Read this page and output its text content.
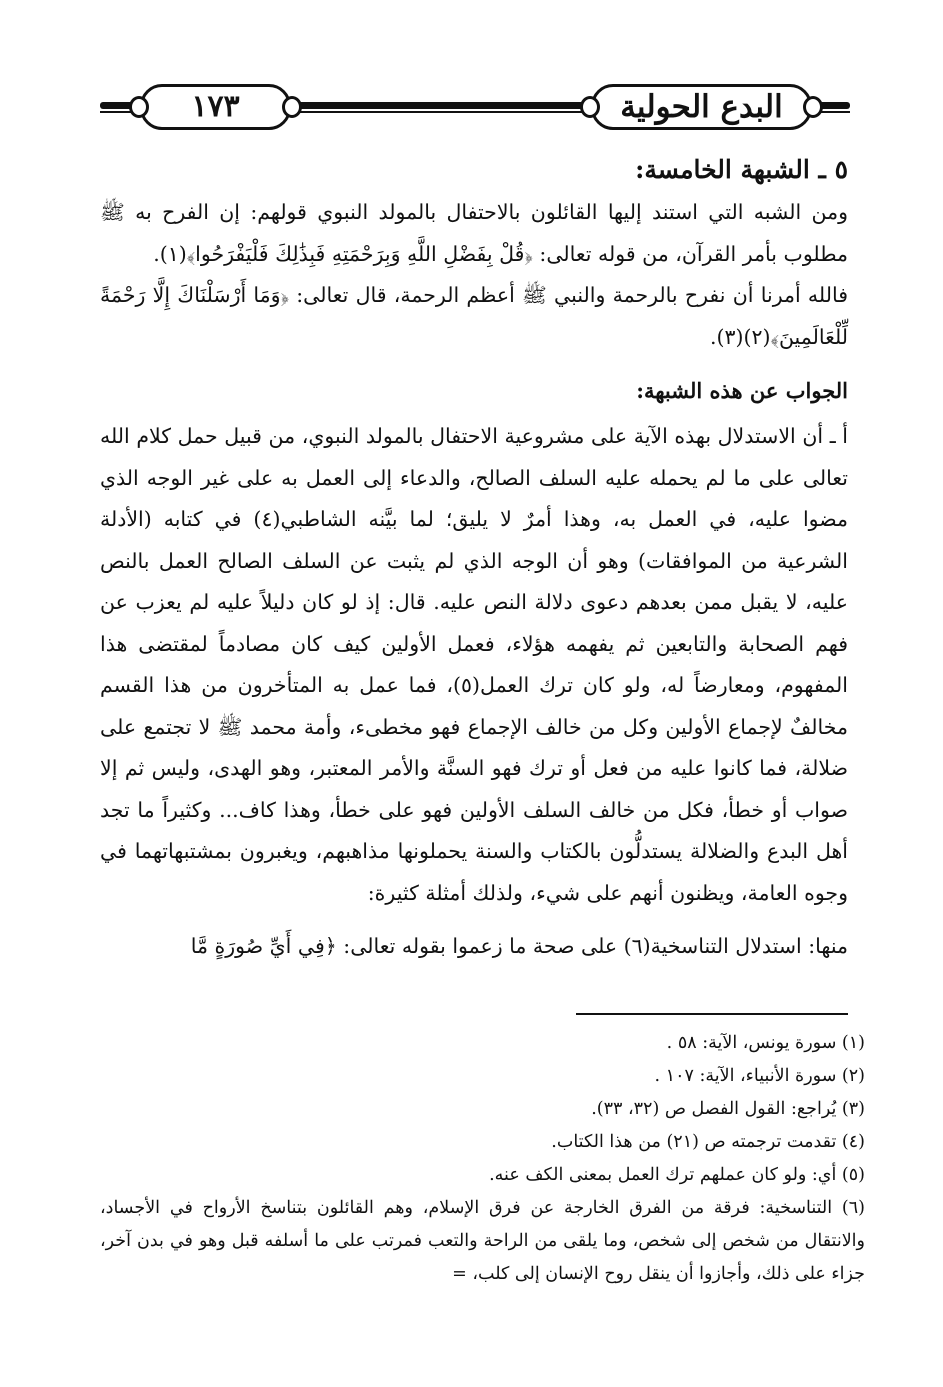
١٧٣	البدع الحولية
٥ ـ الشبهة الخامسة:

ومن الشبه التي استند إليها القائلون بالاحتفال بالمولد النبوي قولهم: إن الفرح به ﷺ مطلوب بأمر القرآن، من قوله تعالى: ﴿قُلْ بِفَضْلِ اللَّهِ وَبِرَحْمَتِهِ فَبِذَٰلِكَ فَلْيَفْرَحُوا﴾(١).

فالله أمرنا أن نفرح بالرحمة والنبي ﷺ أعظم الرحمة، قال تعالى: ﴿وَمَا أَرْسَلْنَاكَ إِلَّا رَحْمَةً لِّلْعَالَمِينَ﴾(٢)(٣).

الجواب عن هذه الشبهة:

أ ـ أن الاستدلال بهذه الآية على مشروعية الاحتفال بالمولد النبوي، من قبيل حمل كلام الله تعالى على ما لم يحمله عليه السلف الصالح، والدعاء إلى العمل به على غير الوجه الذي مضوا عليه، في العمل به، وهذا أمرٌ لا يليق؛ لما بيَّنه الشاطبي(٤) في كتابه (الأدلة الشرعية من الموافقات) وهو أن الوجه الذي لم يثبت عن السلف الصالح العمل بالنص عليه، لا يقبل ممن بعدهم دعوى دلالة النص عليه. قال: إذ لو كان دليلاً عليه لم يعزب عن فهم الصحابة والتابعين ثم يفهمه هؤلاء، فعمل الأولين كيف كان مصادماً لمقتضى هذا المفهوم، ومعارضاً له، ولو كان ترك العمل(٥)، فما عمل به المتأخرون من هذا القسم مخالفٌ لإجماع الأولين وكل من خالف الإجماع فهو مخطىء، وأمة محمد ﷺ لا تجتمع على ضلالة، فما كانوا عليه من فعل أو ترك فهو السنَّة والأمر المعتبر، وهو الهدى، وليس ثم إلا صواب أو خطأ، فكل من خالف السلف الأولين فهو على خطأ، وهذا كاف... وكثيراً ما تجد أهل البدع والضلالة يستدلُّون بالكتاب والسنة يحملونها مذاهبهم، ويغبرون بمشتبهاتهما في وجوه العامة، ويظنون أنهم على شيء، ولذلك أمثلة كثيرة:

منها: استدلال التناسخية(٦) على صحة ما زعموا بقوله تعالى: ﴿فِي أَيِّ صُورَةٍ مَّا

(١) سورة يونس، الآية: ٥٨ .

(٢) سورة الأنبياء، الآية: ١٠٧ .

(٣) يُراجع: القول الفصل ص (٣٢، ٣٣).

(٤) تقدمت ترجمته ص (٢١) من هذا الكتاب.

(٥) أي: ولو كان عملهم ترك العمل بمعنى الكف عنه.

(٦) التناسخية: فرقة من الفرق الخارجة عن فرق الإسلام، وهم القائلون بتناسخ الأرواح في الأجساد، والانتقال من شخص إلى شخص، وما يلقى من الراحة والتعب فمرتب على ما أسلفه قبل وهو في بدن آخر، جزاء على ذلك، وأجازوا أن ينقل روح الإنسان إلى كلب، =
